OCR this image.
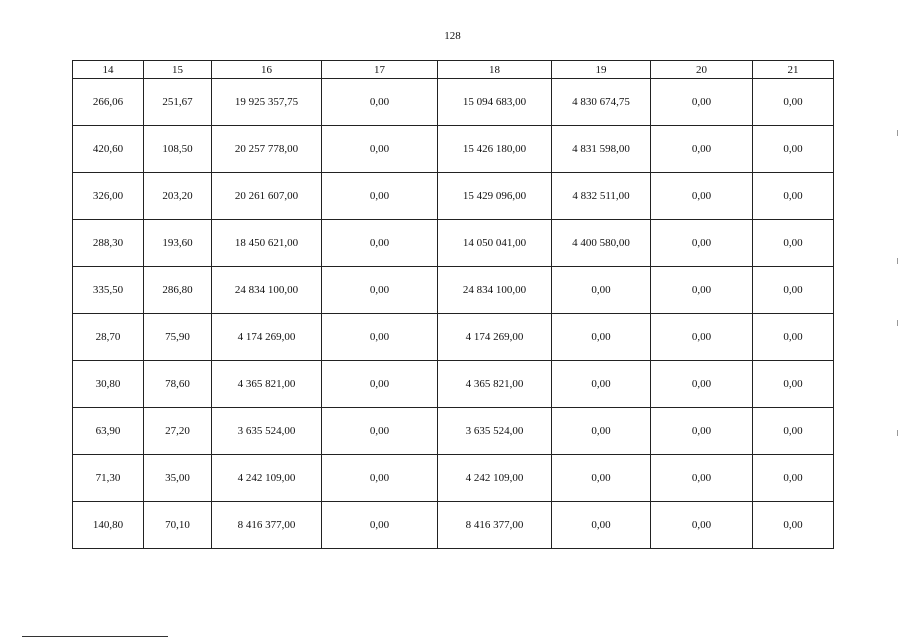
128
14	15	16	17	18	19	20	21
266,06	251,67	19 925 357,75	0,00	15 094 683,00	4 830 674,75	0,00	0,00
420,60	108,50	20 257 778,00	0,00	15 426 180,00	4 831 598,00	0,00	0,00
326,00	203,20	20 261 607,00	0,00	15 429 096,00	4 832 511,00	0,00	0,00
288,30	193,60	18 450 621,00	0,00	14 050 041,00	4 400 580,00	0,00	0,00
335,50	286,80	24 834 100,00	0,00	24 834 100,00	0,00	0,00	0,00
28,70	75,90	4 174 269,00	0,00	4 174 269,00	0,00	0,00	0,00
30,80	78,60	4 365 821,00	0,00	4 365 821,00	0,00	0,00	0,00
63,90	27,20	3 635 524,00	0,00	3 635 524,00	0,00	0,00	0,00
71,30	35,00	4 242 109,00	0,00	4 242 109,00	0,00	0,00	0,00
140,80	70,10	8 416 377,00	0,00	8 416 377,00	0,00	0,00	0,00
